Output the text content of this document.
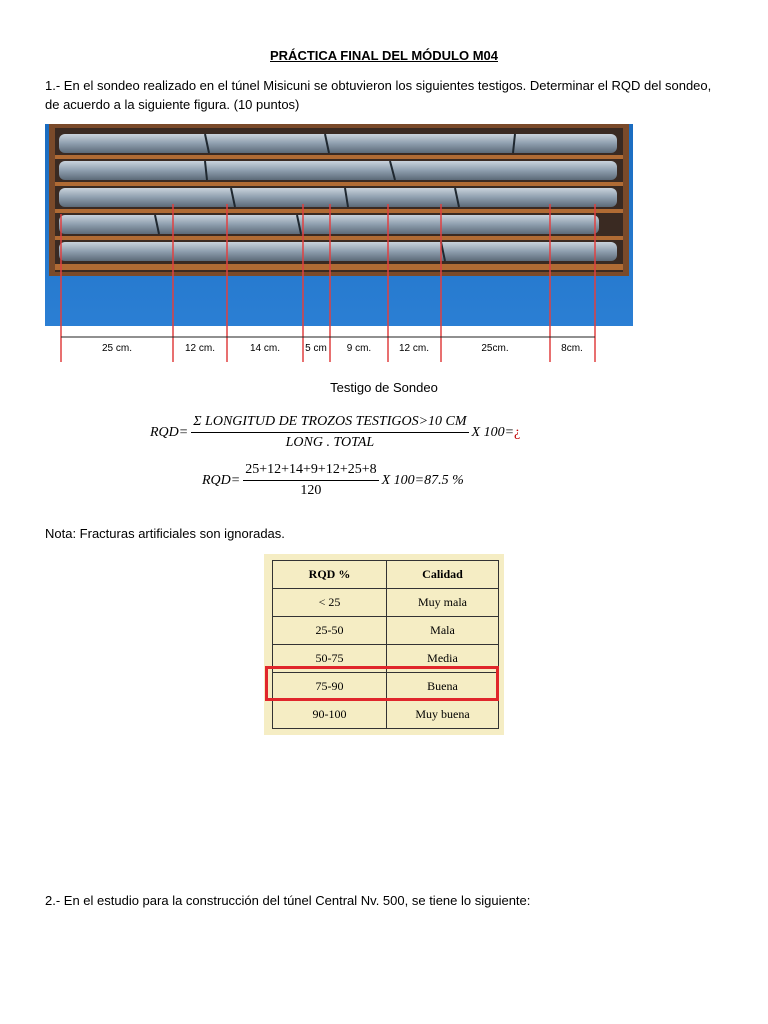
PRÁCTICA FINAL DEL MÓDULO M04
1.- En el sondeo realizado en el túnel Misicuni se obtuvieron los siguientes testigos. Determinar el RQD del sondeo, de acuerdo a la siguiente figura. (10 puntos)
25 cm.	12 cm.	14 cm.	5 cm 9 cm.	12 cm.	25cm.	8cm.
Testigo de Sondeo
$RQD= \frac{\text{Σ LONGITUD DE TROZOS TESTIGOS>10 CM}}{\text{LONG . TOTAL}}$ X 100= ¿
$RQD= \frac{25+12+14+9+12+25+8}{120}$ X 100=87.5 %
Nota: Fracturas artificiales son ignoradas.
RQD %	Calidad
< 25	Muy mala
25-50	Mala
50-75	Media
75-90	Buena
90-100	Muy buena
2.- En el estudio para la construcción del túnel Central Nv. 500, se tiene lo siguiente:
